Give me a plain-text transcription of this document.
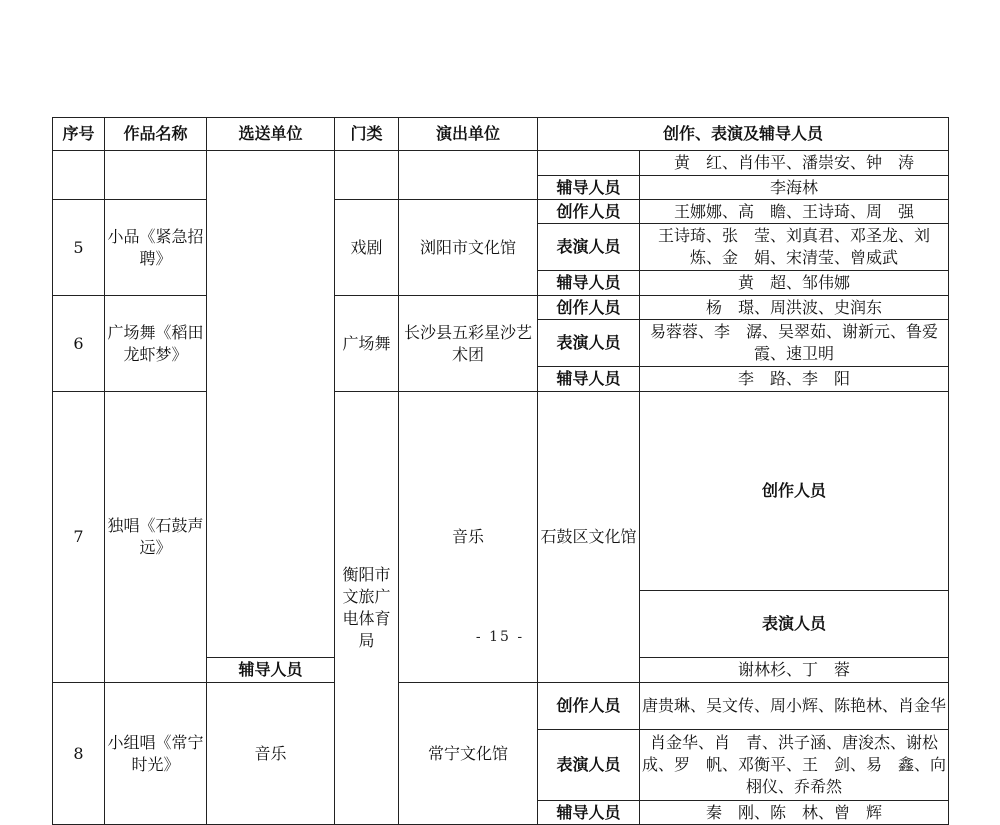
序号	作品名称	选送单位	门类	演出单位	创作、表演及辅导人员		
						黄　红、肖伟平、潘崇安、钟　涛	
					辅导人员	李海林	
5	小品《紧急招聘》		戏剧	浏阳市文化馆	创作人员	王娜娜、高　瞻、王诗琦、周　强	
					表演人员	王诗琦、张　莹、刘真君、邓圣龙、刘　炼、金　娟、宋清莹、曾威武	
					辅导人员	黄　超、邹伟娜	
6	广场舞《稻田龙虾梦》		广场舞	长沙县五彩星沙艺术团	创作人员	杨　璟、周洪波、史润东	
					表演人员	易蓉蓉、李　潺、吴翠茹、谢新元、鲁爱霞、速卫明	
					辅导人员	李　路、李　阳	
7	独唱《石鼓声远》		衡阳市文旅广电体育局	音乐	石鼓区文化馆	创作人员	
						表演人员	
		辅导人员				谢林杉、丁　蓉	
8	小组唱《常宁时光》	音乐		常宁文化馆	创作人员	唐贵琳、吴文传、周小辉、陈艳林、肖金华	
					表演人员	肖金华、肖　青、洪子涵、唐浚杰、谢松成、罗　帆、邓衡平、王　剑、易　鑫、向栩仪、乔希然	
					辅导人员	秦　刚、陈　林、曾　辉	
- 15 -
